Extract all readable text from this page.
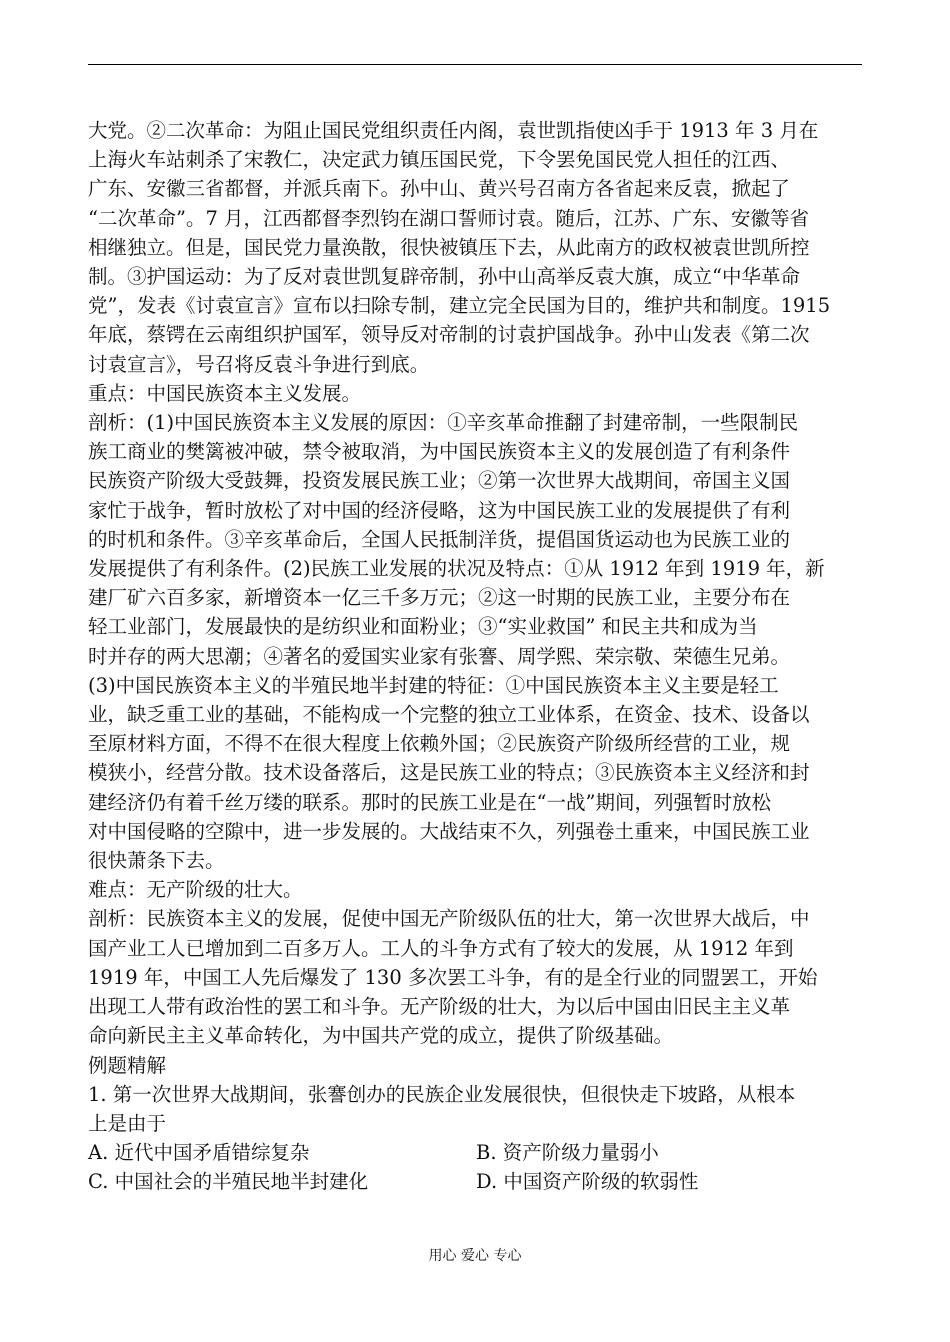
大党。②二次革命：为阻止国民党组织责任内阁，袁世凯指使凶手于 1913 年 3 月在

上海火车站刺杀了宋教仁，决定武力镇压国民党，下令罢免国民党人担任的江西、

广东、安徽三省都督，并派兵南下。孙中山、黄兴号召南方各省起来反袁，掀起了

“二次革命”。7 月，江西都督李烈钧在湖口誓师讨袁。随后，江苏、广东、安徽等省

相继独立。但是，国民党力量涣散，很快被镇压下去，从此南方的政权被袁世凯所控

制。③护国运动：为了反对袁世凯复辟帝制，孙中山高举反袁大旗，成立“中华革命

党”，发表《讨袁宣言》宣布以扫除专制，建立完全民国为目的，维护共和制度。1915

年底，蔡锷在云南组织护国军，领导反对帝制的讨袁护国战争。孙中山发表《第二次

讨袁宣言》，号召将反袁斗争进行到底。

重点：中国民族资本主义发展。

剖析：(1)中国民族资本主义发展的原因：①辛亥革命推翻了封建帝制，一些限制民

族工商业的樊篱被冲破，禁令被取消，为中国民族资本主义的发展创造了有利条件

民族资产阶级大受鼓舞，投资发展民族工业；②第一次世界大战期间，帝国主义国

家忙于战争，暂时放松了对中国的经济侵略，这为中国民族工业的发展提供了有利

的时机和条件。③辛亥革命后，全国人民抵制洋货，提倡国货运动也为民族工业的

发展提供了有利条件。(2)民族工业发展的状况及特点：①从 1912 年到 1919 年，新

建厂矿六百多家，新增资本一亿三千多万元；②这一时期的民族工业，主要分布在

轻工业部门，发展最快的是纺织业和面粉业；③“实业救国” 和民主共和成为当

时并存的两大思潮；④著名的爱国实业家有张謇、周学熙、荣宗敬、荣德生兄弟。

(3)中国民族资本主义的半殖民地半封建的特征：①中国民族资本主义主要是轻工

业，缺乏重工业的基础，不能构成一个完整的独立工业体系，在资金、技术、设备以

至原材料方面，不得不在很大程度上依赖外国；②民族资产阶级所经营的工业，规

模狭小，经营分散。技术设备落后，这是民族工业的特点；③民族资本主义经济和封

建经济仍有着千丝万缕的联系。那时的民族工业是在“一战”期间，列强暂时放松

对中国侵略的空隙中，进一步发展的。大战结束不久，列强卷土重来，中国民族工业

很快萧条下去。

难点：无产阶级的壮大。

剖析：民族资本主义的发展，促使中国无产阶级队伍的壮大，第一次世界大战后，中

国产业工人已增加到二百多万人。工人的斗争方式有了较大的发展，从 1912 年到

1919 年，中国工人先后爆发了 130 多次罢工斗争，有的是全行业的同盟罢工，开始

出现工人带有政治性的罢工和斗争。无产阶级的壮大，为以后中国由旧民主主义革

命向新民主主义革命转化，为中国共产党的成立，提供了阶级基础。

例题精解

1. 第一次世界大战期间，张謇创办的民族企业发展很快，但很快走下坡路，从根本

上是由于

A. 近代中国矛盾错综复杂	B. 资产阶级力量弱小
C. 中国社会的半殖民地半封建化	D. 中国资产阶级的软弱性
用心 爱心 专心
